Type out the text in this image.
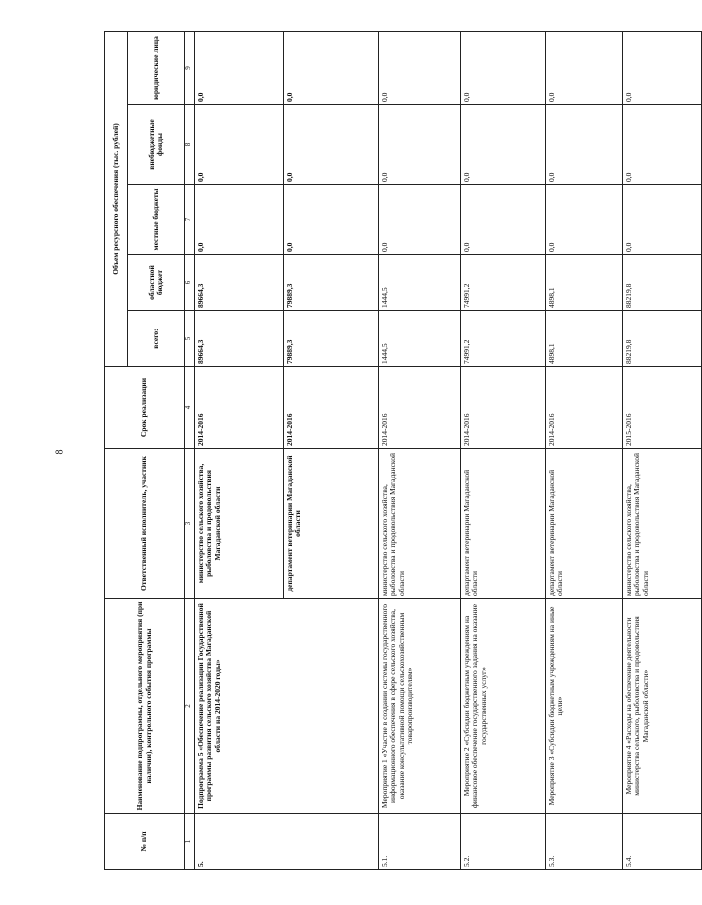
8
№ п/п	Наименование подпрограммы, отдельного мероприятия (при наличии), контрольного события программы	Ответственный исполнитель, участник	Срок реализации	Объем ресурсного обеспечения (тыс. рублей)				
				всего:	областной бюджет	местные бюджеты	внебюджетные фонды	юридические лица
1	2	3	4	5	6	7	8	9
5.	Подпрограмма 5 «Обеспечение реализации Государственной программы развития сельского хозяйства Магаданской области на 2014-2020 годы»	министерство сельского хозяйства, рыболовства и продовольствия Магаданской области	2014-2016	89664,3	89664,3	0,0	0,0	0,0
		департамент ветеринарии Магаданской области	2014-2016	79889,3	79889,3	0,0	0,0	0,0
5.1.	Мероприятие 1 «Участие в создании системы государственного информационного обеспечения в сфере сельского хозяйства, оказание консультативной помощи сельскохозяйственным товаропроизводителям»	министерство сельского хозяйства, рыболовства и продовольствия Магаданской области	2014-2016	1444,5	1444,5	0,0	0,0	0,0
5.2.	Мероприятие 2 «Субсидии бюджетным учреждениям на финансовое обеспечение государственного задания на оказание государственных услуг»	департамент ветеринарии Магаданской области	2014-2016	74991,2	74991,2	0,0	0,0	0,0
5.3.	Мероприятие 3 «Субсидии бюджетным учреждениям на иные цели»	департамент ветеринарии Магаданской области	2014-2016	4898,1	4898,1	0,0	0,0	0,0
5.4.	Мероприятие 4 «Расходы на обеспечение деятельности министерства сельского, рыболовства и продовольствия Магаданской области»	министерство сельского хозяйства, рыболовства и продовольствия Магаданской области	2015-2016	88219,8	88219,8	0,0	0,0	0,0
